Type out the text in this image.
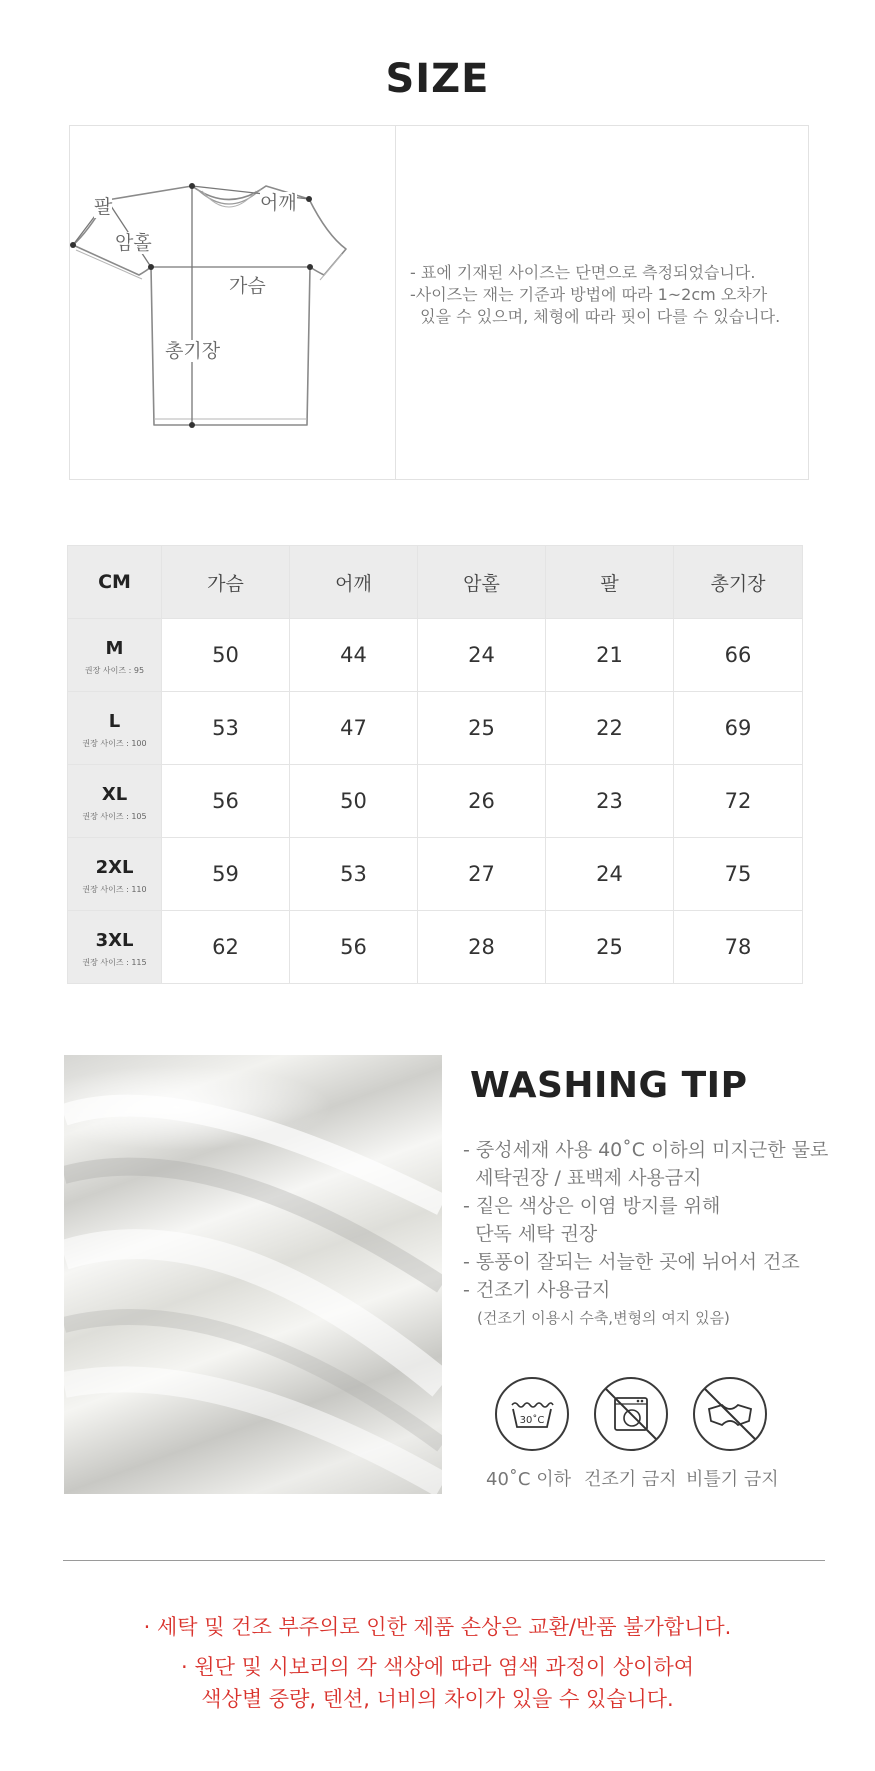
SIZE
팔
암홀
어깨
가슴
총기장
- 표에 기재된 사이즈는 단면으로 측정되었습니다.
-사이즈는 재는 기준과 방법에 따라 1~2cm 오차가
있을 수 있으며, 체형에 따라 핏이 다를 수 있습니다.
CM	가슴	어깨	암홀	팔	총기장

M
권장 사이즈 : 95	50	44	24	21	66

L
권장 사이즈 : 100	53	47	25	22	69

XL
권장 사이즈 : 105	56	50	26	23	72

2XL
권장 사이즈 : 110	59	53	27	24	75

3XL
권장 사이즈 : 115	62	56	28	25	78
WASHING TIP
- 중성세재 사용 40˚C 이하의 미지근한 물로
세탁권장 / 표백제 사용금지
- 짙은 색상은 이염 방지를 위해
단독 세탁 권장
- 통풍이 잘되는 서늘한 곳에 뉘어서 건조
- 건조기 사용금지
(건조기 이용시 수축,변형의 여지 있음)
30˚C
40˚C 이하 건조기 금지 비틀기 금지
· 세탁 및 건조 부주의로 인한 제품 손상은 교환/반품 불가합니다.
· 원단 및 시보리의 각 색상에 따라 염색 과정이 상이하여
색상별 중량, 텐션, 너비의 차이가 있을 수 있습니다.
